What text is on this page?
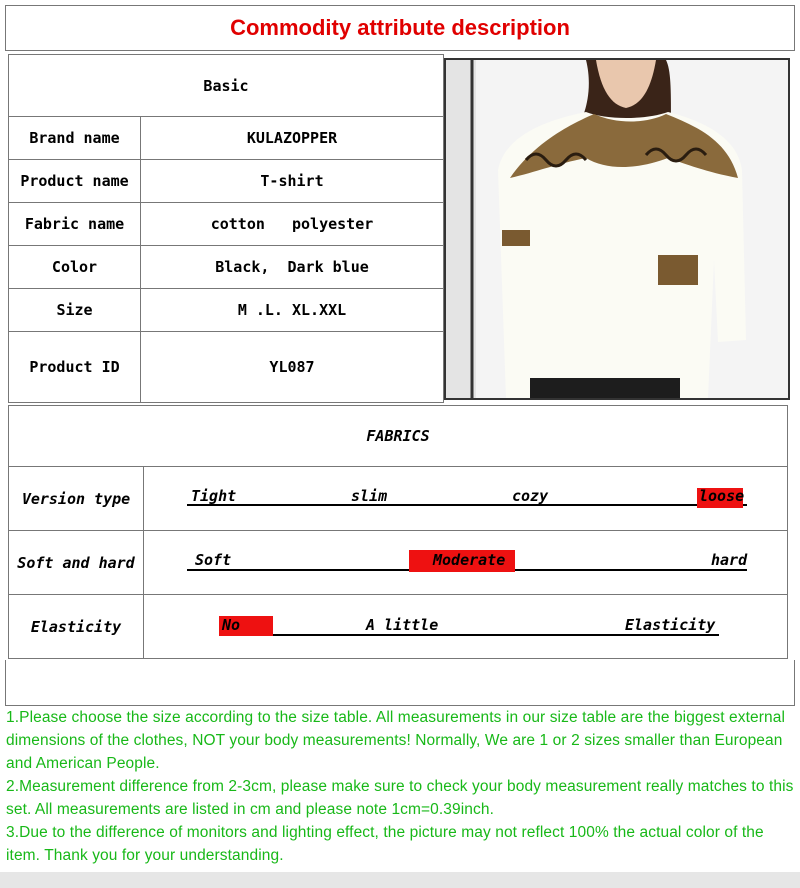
Commodity attribute description
Basic	
Brand name	KULAZOPPER
Product name	T-shirt
Fabric name	cotton   polyester
Color	Black,  Dark blue
Size	M .L. XL.XXL
Product ID	YL087
FABRICS
Version type	Tight	slim	cozy	loose
Soft and hard	Soft	Moderate	hard
Elasticity	No	A little	Elasticity

1.Please choose the size according to the size table. All measurements in our size table are the biggest external dimensions of the clothes, NOT your body measurements! Normally, We are 1 or 2 sizes smaller than European and American People.

2.Measurement difference from 2-3cm, please make sure to check your body measurement really matches to this set. All measurements are listed in cm and please note 1cm=0.39inch.

3.Due to the difference of monitors and lighting effect, the picture may not reflect 100% the actual color of the item. Thank you for your understanding.
